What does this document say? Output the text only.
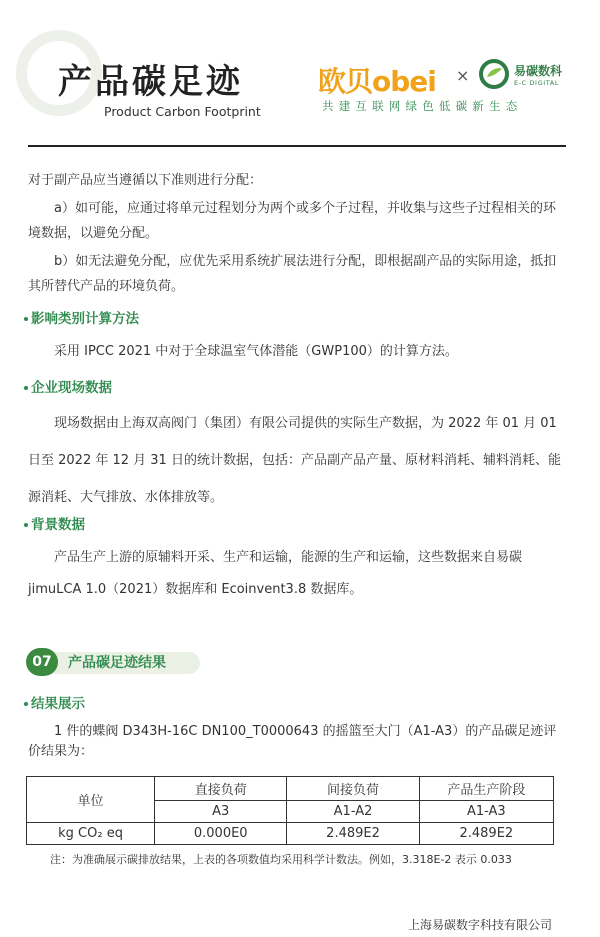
产品碳足迹
Product Carbon Footprint
欧贝obei ×	易碳数科
E-C DIGITAL
共建互联网绿色低碳新生态

对于副产品应当遵循以下准则进行分配：

a）如可能，应通过将单元过程划分为两个或多个子过程，并收集与这些子过程相关的环境数据，以避免分配。

b）如无法避免分配，应优先采用系统扩展法进行分配，即根据副产品的实际用途，抵扣其所替代产品的环境负荷。

影响类别计算方法

采用 IPCC 2021 中对于全球温室气体潜能（GWP100）的计算方法。

企业现场数据

现场数据由上海双高阀门（集团）有限公司提供的实际生产数据，为 2022 年 01 月 01 日至 2022 年 12 月 31 日的统计数据，包括：产品副产品产量、原材料消耗、辅料消耗、能源消耗、大气排放、水体排放等。

背景数据

产品生产上游的原辅料开采、生产和运输，能源的生产和运输，这些数据来自易碳 jimuLCA 1.0（2021）数据库和 Ecoinvent3.8 数据库。

07	产品碳足迹结果
结果展示

1 件的蝶阀 D343H-16C DN100_T0000643 的摇篮至大门（A1-A3）的产品碳足迹评价结果为：

单位	直接负荷	间接负荷	产品生产阶段
	A3	A1-A2	A1-A3
kg CO₂ eq	0.000E0	2.489E2	2.489E2
注：为准确展示碳排放结果，上表的各项数值均采用科学计数法。例如，3.318E-2 表示 0.033
上海易碳数字科技有限公司
